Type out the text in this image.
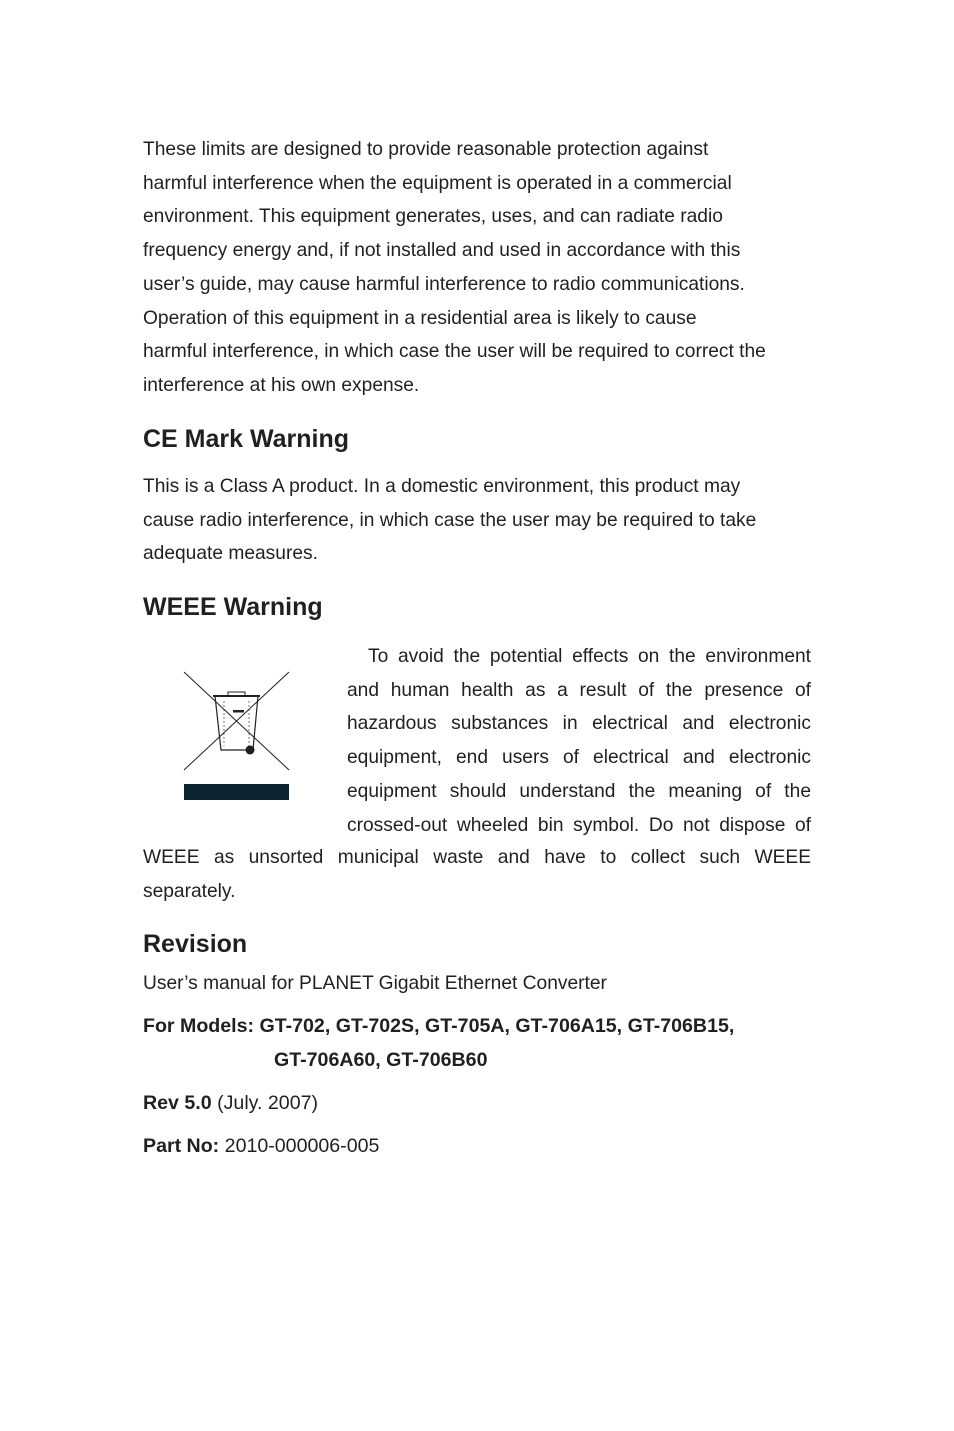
These limits are designed to provide reasonable protection against
harmful interference when the equipment is operated in a commercial
environment. This equipment generates, uses, and can radiate radio
frequency energy and, if not installed and used in accordance with this
user’s guide, may cause harmful interference to radio communications.
Operation of this equipment in a residential area is likely to cause
harmful interference, in which case the user will be required to correct the
interference at his own expense.
CE Mark Warning
This is a Class A product. In a domestic environment, this product may
cause radio interference, in which case the user may be required to take
adequate measures.
WEEE Warning
To avoid the potential effects on the environment
and human health as a result of the presence of
hazardous substances in electrical and electronic
equipment, end users of electrical and electronic
equipment should understand the meaning of the
crossed-out wheeled bin symbol. Do not dispose of
WEEE as unsorted municipal waste and have to collect such WEEE
separately.
Revision

User’s manual for PLANET Gigabit Ethernet Converter

For Models: GT-702, GT-702S, GT-705A, GT-706A15, GT-706B15,

GT-706A60, GT-706B60

Rev 5.0 (July. 2007)

Part No: 2010-000006-005
